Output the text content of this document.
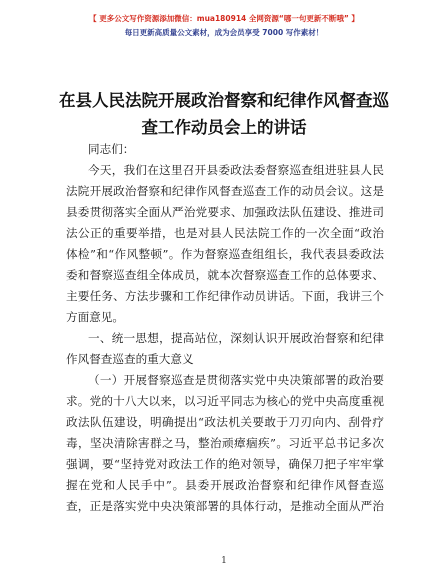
【 更多公文写作资源添加微信：mua180914 全网资源“哪一句更新不断哦” 】
每日更新高质量公文素材，成为会员享受 7000 写作素材！
在县人民法院开展政治督察和纪律作风督查巡
查工作动员会上的讲话
同志们：
今天，我们在这里召开县委政法委督察巡查组进驻县人民
法院开展政治督察和纪律作风督查巡查工作的动员会议。这是
县委贯彻落实全面从严治党要求、加强政法队伍建设、推进司
法公正的重要举措，也是对县人民法院工作的一次全面“政治
体检”和“作风整顿”。作为督察巡查组组长，我代表县委政法
委和督察巡查组全体成员，就本次督察巡查工作的总体要求、
主要任务、方法步骤和工作纪律作动员讲话。下面，我讲三个
方面意见。
一、统一思想，提高站位，深刻认识开展政治督察和纪律
作风督查巡查的重大意义
（一）开展督察巡查是贯彻落实党中央决策部署的政治要
求。党的十八大以来，以习近平同志为核心的党中央高度重视
政法队伍建设，明确提出“政法机关要敢于刀刃向内、刮骨疗
毒，坚决清除害群之马，整治顽瘴痼疾”。习近平总书记多次
强调，要“坚持党对政法工作的绝对领导，确保刀把子牢牢掌
握在党和人民手中”。县委开展政治督察和纪律作风督查巡
查，正是落实党中央决策部署的具体行动，是推动全面从严治
1
